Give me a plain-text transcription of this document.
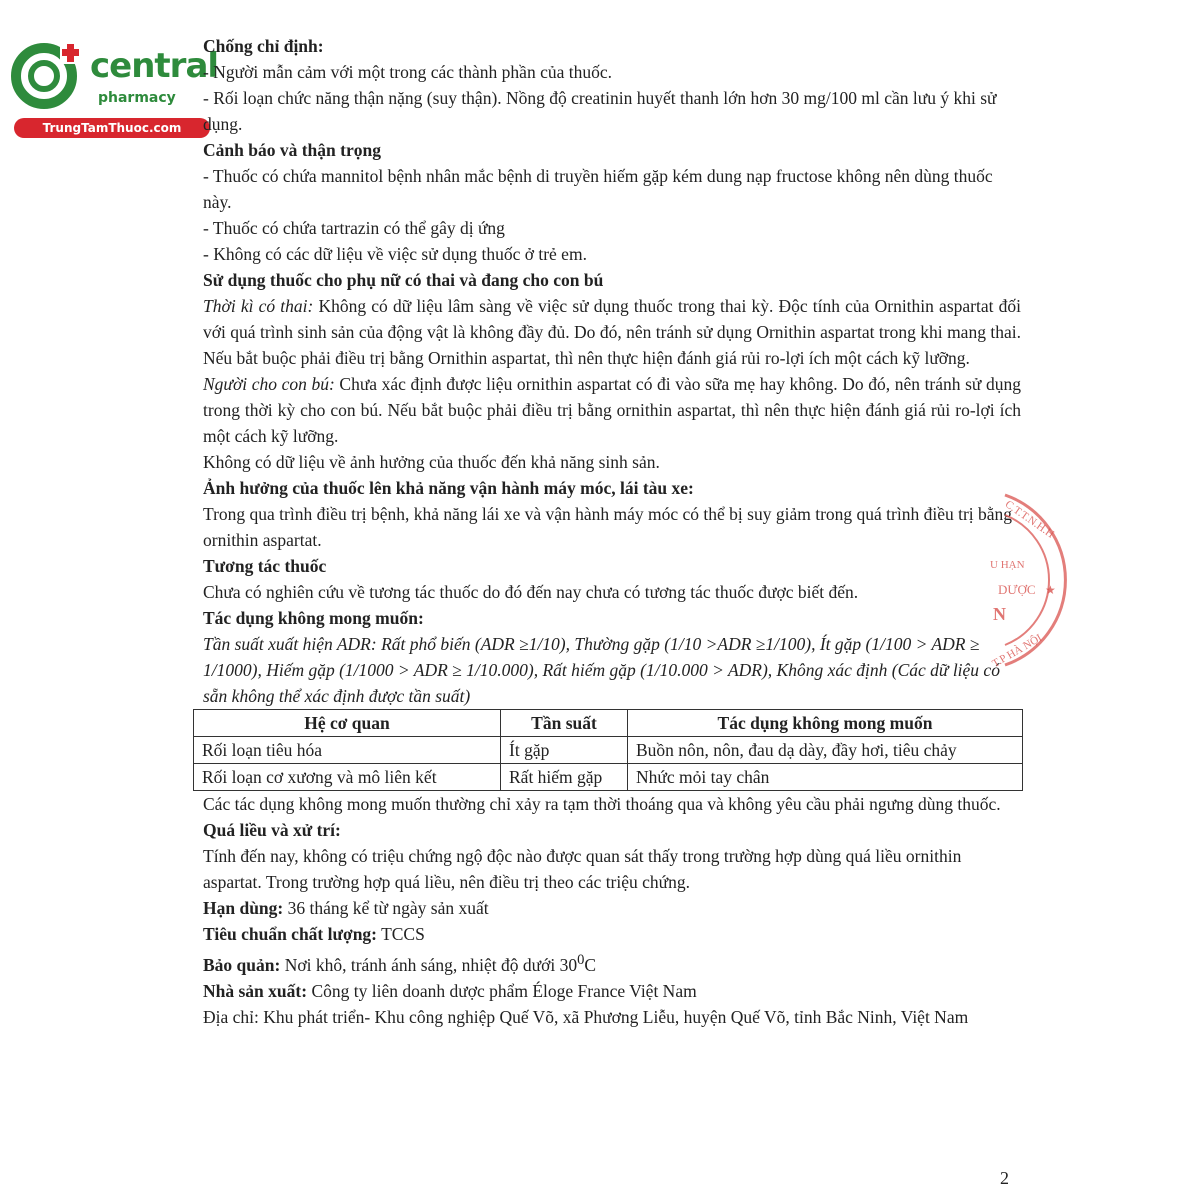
central
pharmacy
TrungTamThuoc.com

Chống chỉ định:

- Người mẫn cảm với một trong các thành phần của thuốc.

- Rối loạn chức năng thận nặng (suy thận). Nồng độ creatinin huyết thanh lớn hơn 30 mg/100 ml cần lưu ý khi sử dụng.

Cảnh báo và thận trọng

- Thuốc có chứa mannitol bệnh nhân mắc bệnh di truyền hiếm gặp kém dung nạp fructose không nên dùng thuốc này.

- Thuốc có chứa tartrazin có thể gây dị ứng

- Không có các dữ liệu về việc sử dụng thuốc ở trẻ em.

Sử dụng thuốc cho phụ nữ có thai và đang cho con bú

Thời kì có thai: Không có dữ liệu lâm sàng về việc sử dụng thuốc trong thai kỳ. Độc tính của Ornithin aspartat đối với quá trình sinh sản của động vật là không đầy đủ. Do đó, nên tránh sử dụng Ornithin aspartat trong khi mang thai. Nếu bắt buộc phải điều trị bằng Ornithin aspartat, thì nên thực hiện đánh giá rủi ro-lợi ích một cách kỹ lưỡng.

Người cho con bú: Chưa xác định được liệu ornithin aspartat có đi vào sữa mẹ hay không. Do đó, nên tránh sử dụng trong thời kỳ cho con bú. Nếu bắt buộc phải điều trị bằng ornithin aspartat, thì nên thực hiện đánh giá rủi ro-lợi ích một cách kỹ lưỡng.

Không có dữ liệu về ảnh hưởng của thuốc đến khả năng sinh sản.

Ảnh hưởng của thuốc lên khả năng vận hành máy móc, lái tàu xe:

Trong qua trình điều trị bệnh, khả năng lái xe và vận hành máy móc có thể bị suy giảm trong quá trình điều trị bằng ornithin aspartat.

Tương tác thuốc

Chưa có nghiên cứu về tương tác thuốc do đó đến nay chưa có tương tác thuốc được biết đến.

Tác dụng không mong muốn:

Tần suất xuất hiện ADR: Rất phổ biến (ADR ≥1/10), Thường gặp (1/10 >ADR ≥1/100), Ít gặp (1/100 > ADR ≥ 1/1000), Hiếm gặp (1/1000 > ADR ≥ 1/10.000), Rất hiếm gặp (1/10.000 > ADR), Không xác định (Các dữ liệu có sẵn không thể xác định được tần suất)

Hệ cơ quan	Tần suất	Tác dụng không mong muốn
Rối loạn tiêu hóa	Ít gặp	Buồn nôn, nôn, đau dạ dày, đầy hơi, tiêu chảy
Rối loạn cơ xương và mô liên kết	Rất hiếm gặp	Nhức mỏi tay chân

Các tác dụng không mong muốn thường chỉ xảy ra tạm thời thoáng qua và không yêu cầu phải ngưng dùng thuốc.

Quá liều và xử trí:

Tính đến nay, không có triệu chứng ngộ độc nào được quan sát thấy trong trường hợp dùng quá liều ornithin aspartat. Trong trường hợp quá liều, nên điều trị theo các triệu chứng.

Hạn dùng: 36 tháng kể từ ngày sản xuất

Tiêu chuẩn chất lượng: TCCS

Bảo quản: Nơi khô, tránh ánh sáng, nhiệt độ dưới $30^0C$

Nhà sản xuất: Công ty liên doanh dược phẩm Éloge France Việt Nam

Địa chỉ: Khu phát triển- Khu công nghiệp Quế Võ, xã Phương Liễu, huyện Quế Võ, tỉnh Bắc Ninh, Việt Nam

C.T.T.N.H.H
U HẠN
DƯỢC
N
T.P HÀ NỘI
★
2
